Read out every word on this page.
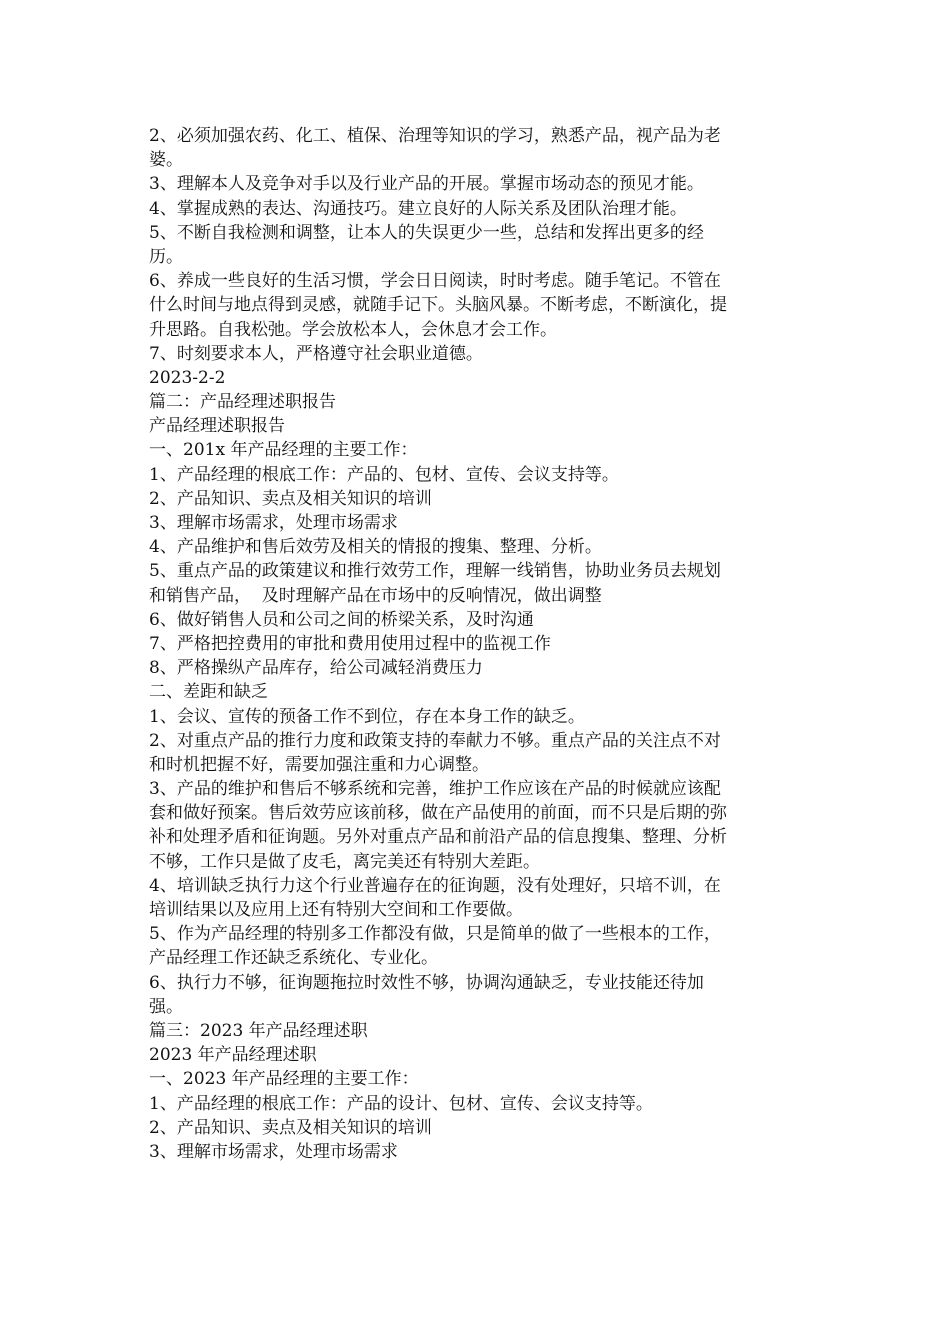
2、必须加强农药、化工、植保、治理等知识的学习，熟悉产品，视产品为老

婆。

3、理解本人及竞争对手以及行业产品的开展。掌握市场动态的预见才能。

4、掌握成熟的表达、沟通技巧。建立良好的人际关系及团队治理才能。

5、不断自我检测和调整，让本人的失误更少一些，总结和发挥出更多的经

历。

6、养成一些良好的生活习惯，学会日日阅读，时时考虑。随手笔记。不管在

什么时间与地点得到灵感，就随手记下。头脑风暴。不断考虑，不断演化，提

升思路。自我松弛。学会放松本人，会休息才会工作。

7、时刻要求本人，严格遵守社会职业道德。

2023-2-2

篇二：产品经理述职报告

产品经理述职报告

一、201x 年产品经理的主要工作：

1、产品经理的根底工作：产品的、包材、宣传、会议支持等。

2、产品知识、卖点及相关知识的培训

3、理解市场需求，处理市场需求

4、产品维护和售后效劳及相关的情报的搜集、整理、分析。

5、重点产品的政策建议和推行效劳工作，理解一线销售，协助业务员去规划

和销售产品，  及时理解产品在市场中的反响情况，做出调整

6、做好销售人员和公司之间的桥梁关系，及时沟通

7、严格把控费用的审批和费用使用过程中的监视工作

8、严格操纵产品库存，给公司减轻消费压力

二、差距和缺乏

1、会议、宣传的预备工作不到位，存在本身工作的缺乏。

2、对重点产品的推行力度和政策支持的奉献力不够。重点产品的关注点不对

和时机把握不好，需要加强注重和力心调整。

3、产品的维护和售后不够系统和完善，维护工作应该在产品的时候就应该配

套和做好预案。售后效劳应该前移，做在产品使用的前面，而不只是后期的弥

补和处理矛盾和征询题。另外对重点产品和前沿产品的信息搜集、整理、分析

不够，工作只是做了皮毛，离完美还有特别大差距。

4、培训缺乏执行力这个行业普遍存在的征询题，没有处理好，只培不训，在

培训结果以及应用上还有特别大空间和工作要做。

5、作为产品经理的特别多工作都没有做，只是简单的做了一些根本的工作，

产品经理工作还缺乏系统化、专业化。

6、执行力不够，征询题拖拉时效性不够，协调沟通缺乏，专业技能还待加

强。

篇三：2023 年产品经理述职

2023 年产品经理述职

一、2023 年产品经理的主要工作：

1、产品经理的根底工作：产品的设计、包材、宣传、会议支持等。

2、产品知识、卖点及相关知识的培训

3、理解市场需求，处理市场需求
